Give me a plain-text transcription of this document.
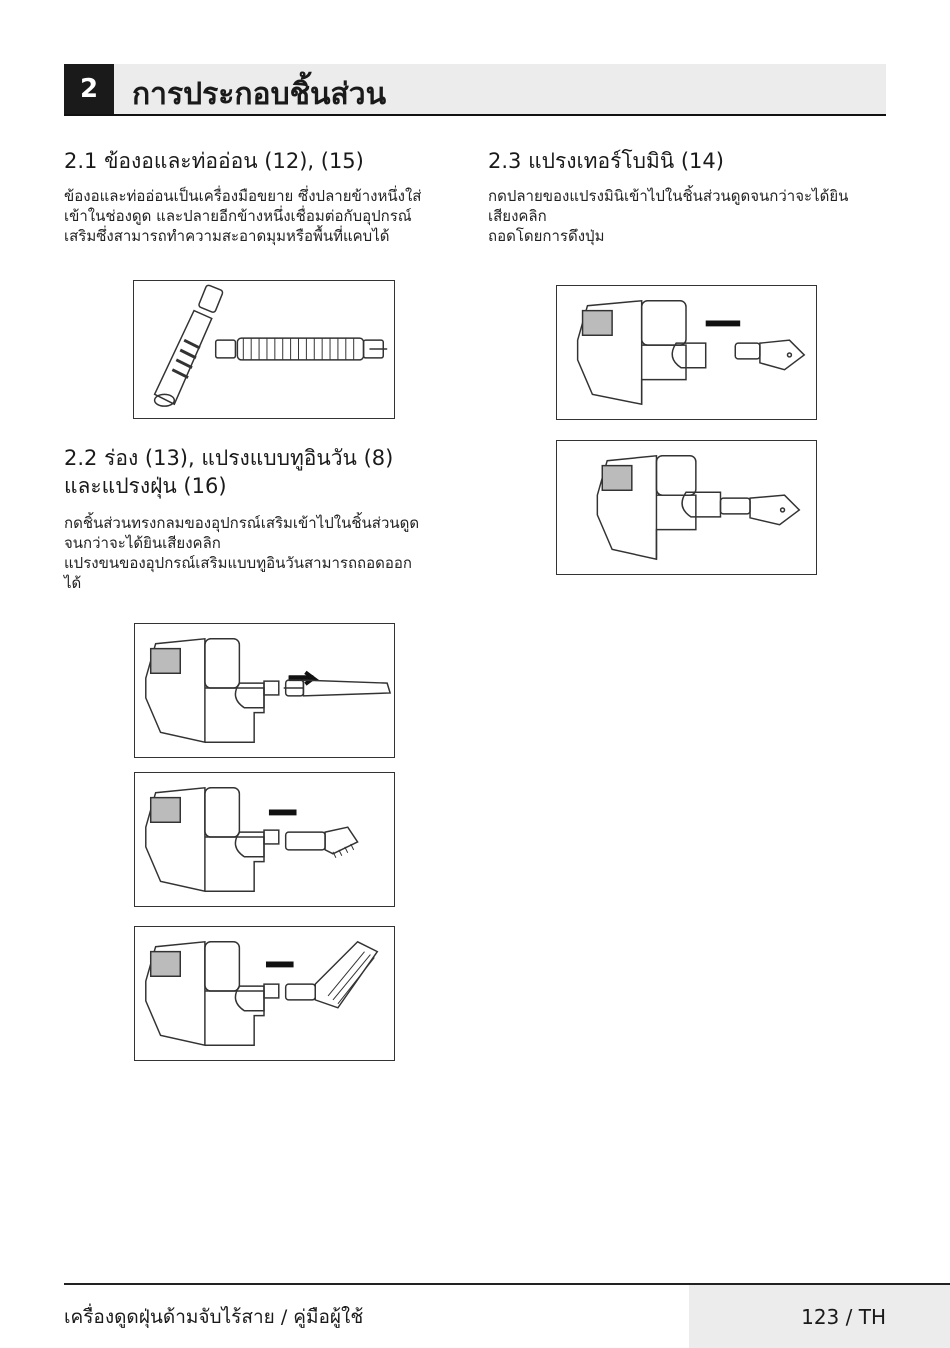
2	การประกอบชิ้นส่วน
2.1 ข้องอและท่ออ่อน (12), (15)
ข้องอและท่ออ่อนเป็นเครื่องมือขยาย ซึ่งปลายข้างหนึ่งใส่
เข้าในช่องดูด และปลายอีกข้างหนึ่งเชื่อมต่อกับอุปกรณ์
เสริมซึ่งสามารถทำความสะอาดมุมหรือพื้นที่แคบได้
2.2 ร่อง (13), แปรงแบบทูอินวัน (8)
และแปรงฝุ่น (16)
กดชิ้นส่วนทรงกลมของอุปกรณ์เสริมเข้าไปในชิ้นส่วนดูด
จนกว่าจะได้ยินเสียงคลิก
แปรงขนของอุปกรณ์เสริมแบบทูอินวันสามารถถอดออก
ได้
2.3 แปรงเทอร์โบมินิ (14)
กดปลายของแปรงมินิเข้าไปในชิ้นส่วนดูดจนกว่าจะได้ยิน
เสียงคลิก
ถอดโดยการดึงปุ่ม
เครื่องดูดฝุ่นด้ามจับไร้สาย / คู่มือผู้ใช้	123 / TH
